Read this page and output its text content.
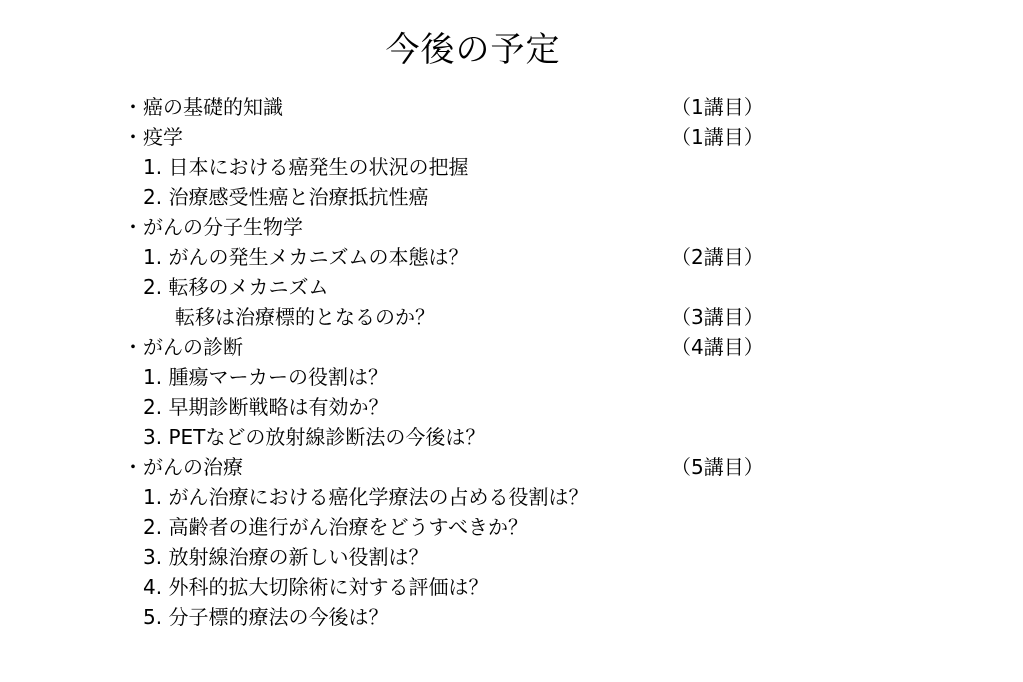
今後の予定
・癌の基礎的知識	（1講目）
・疫学	（1講目）
1. 日本における癌発生の状況の把握
2. 治療感受性癌と治療抵抗性癌
・がんの分子生物学
1. がんの発生メカニズムの本態は？	（2講目）
2. 転移のメカニズム
転移は治療標的となるのか？	（3講目）
・がんの診断	（4講目）
1. 腫瘍マーカーの役割は？
2. 早期診断戦略は有効か？
3. PETなどの放射線診断法の今後は？
・がんの治療	（5講目）
1. がん治療における癌化学療法の占める役割は？
2. 高齢者の進行がん治療をどうすべきか？
3. 放射線治療の新しい役割は？
4. 外科的拡大切除術に対する評価は？
5. 分子標的療法の今後は？
